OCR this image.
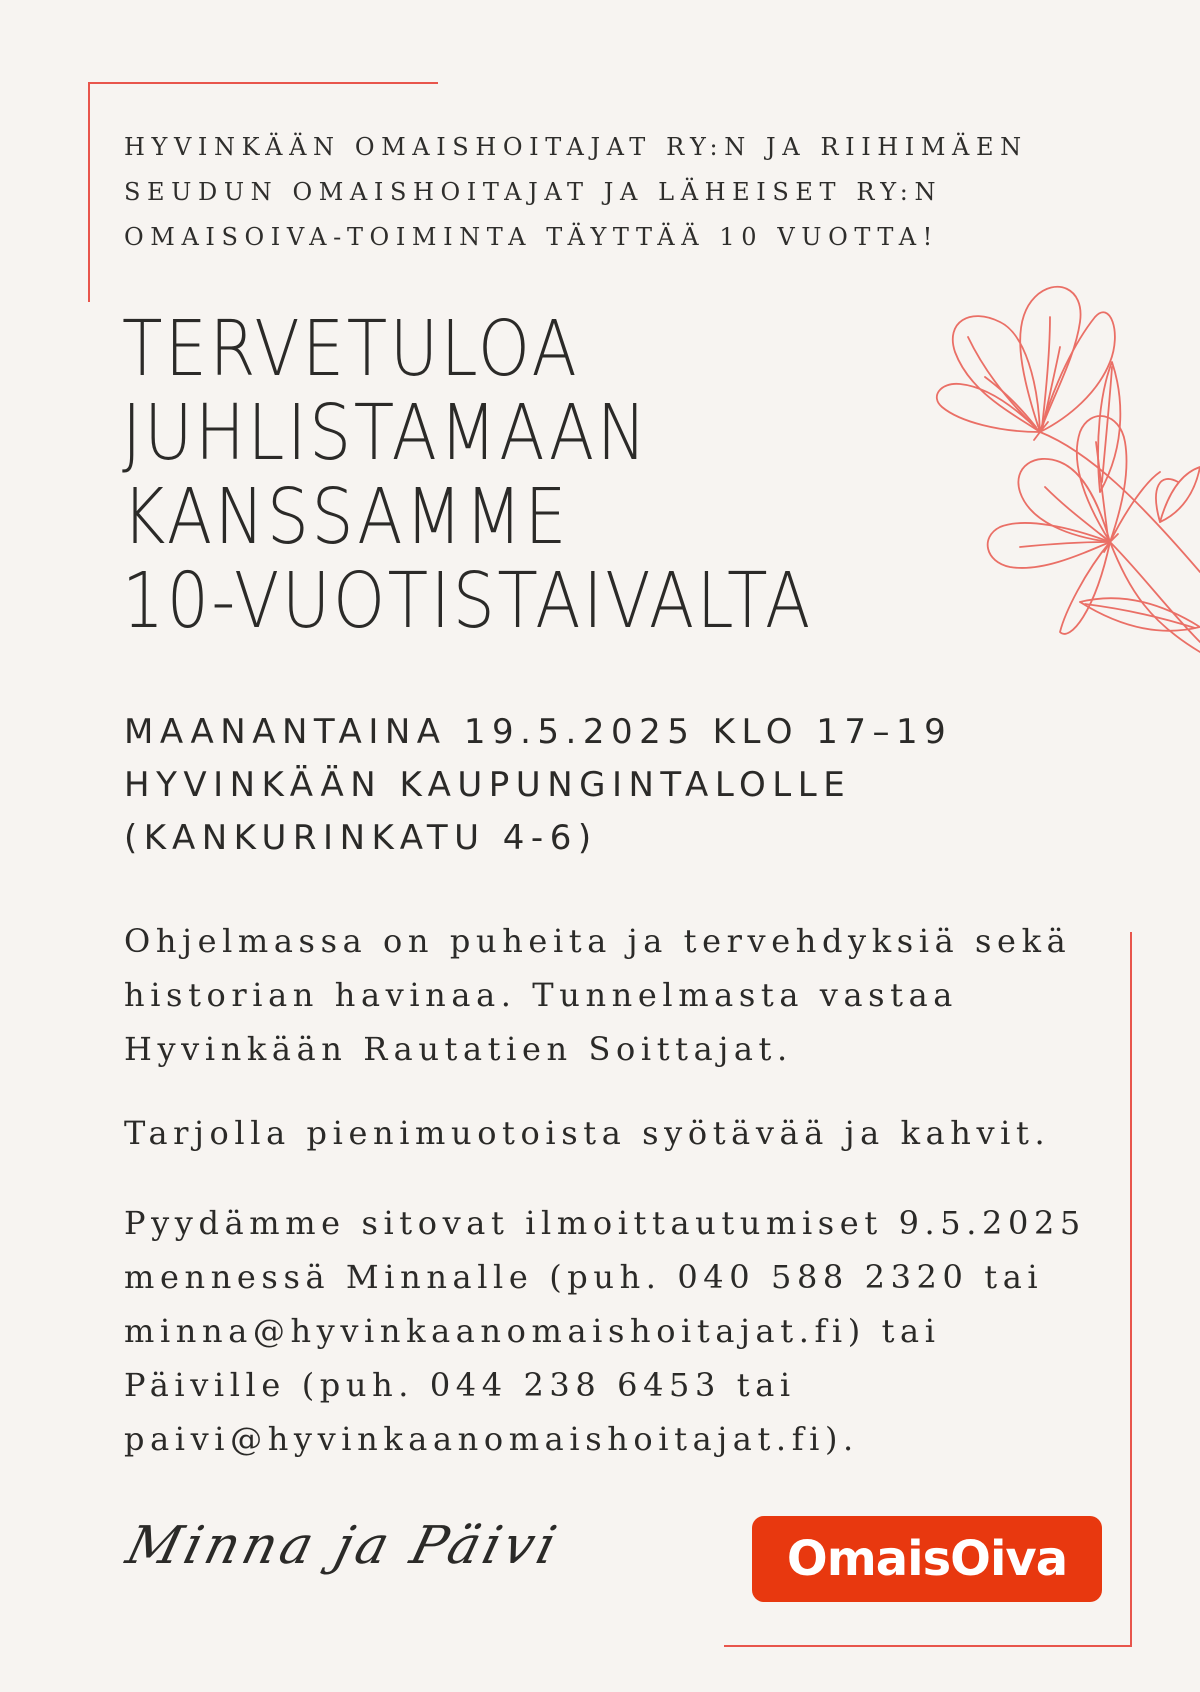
HYVINKÄÄN OMAISHOITAJAT RY:N JA RIIHIMÄEN
SEUDUN OMAISHOITAJAT JA LÄHEISET RY:N
OMAISOIVA-TOIMINTA TÄYTTÄÄ 10 VUOTTA!
TERVETULOA
JUHLISTAMAAN
KANSSAMME
10-VUOTISTAIVALTA
MAANANTAINA 19.5.2025 KLO 17–19
HYVINKÄÄN KAUPUNGINTALOLLE
(KANKURINKATU 4-6)
Ohjelmassa on puheita ja tervehdyksiä sekä
historian havinaa. Tunnelmasta vastaa
Hyvinkään Rautatien Soittajat.
Tarjolla pienimuotoista syötävää ja kahvit.
Pyydämme sitovat ilmoittautumiset 9.5.2025
mennessä Minnalle (puh. 040 588 2320 tai
minna@hyvinkaanomaishoitajat.fi) tai
Päiville (puh. 044 238 6453 tai
paivi@hyvinkaanomaishoitajat.fi).
Minna ja Päivi	OmaisOiva
